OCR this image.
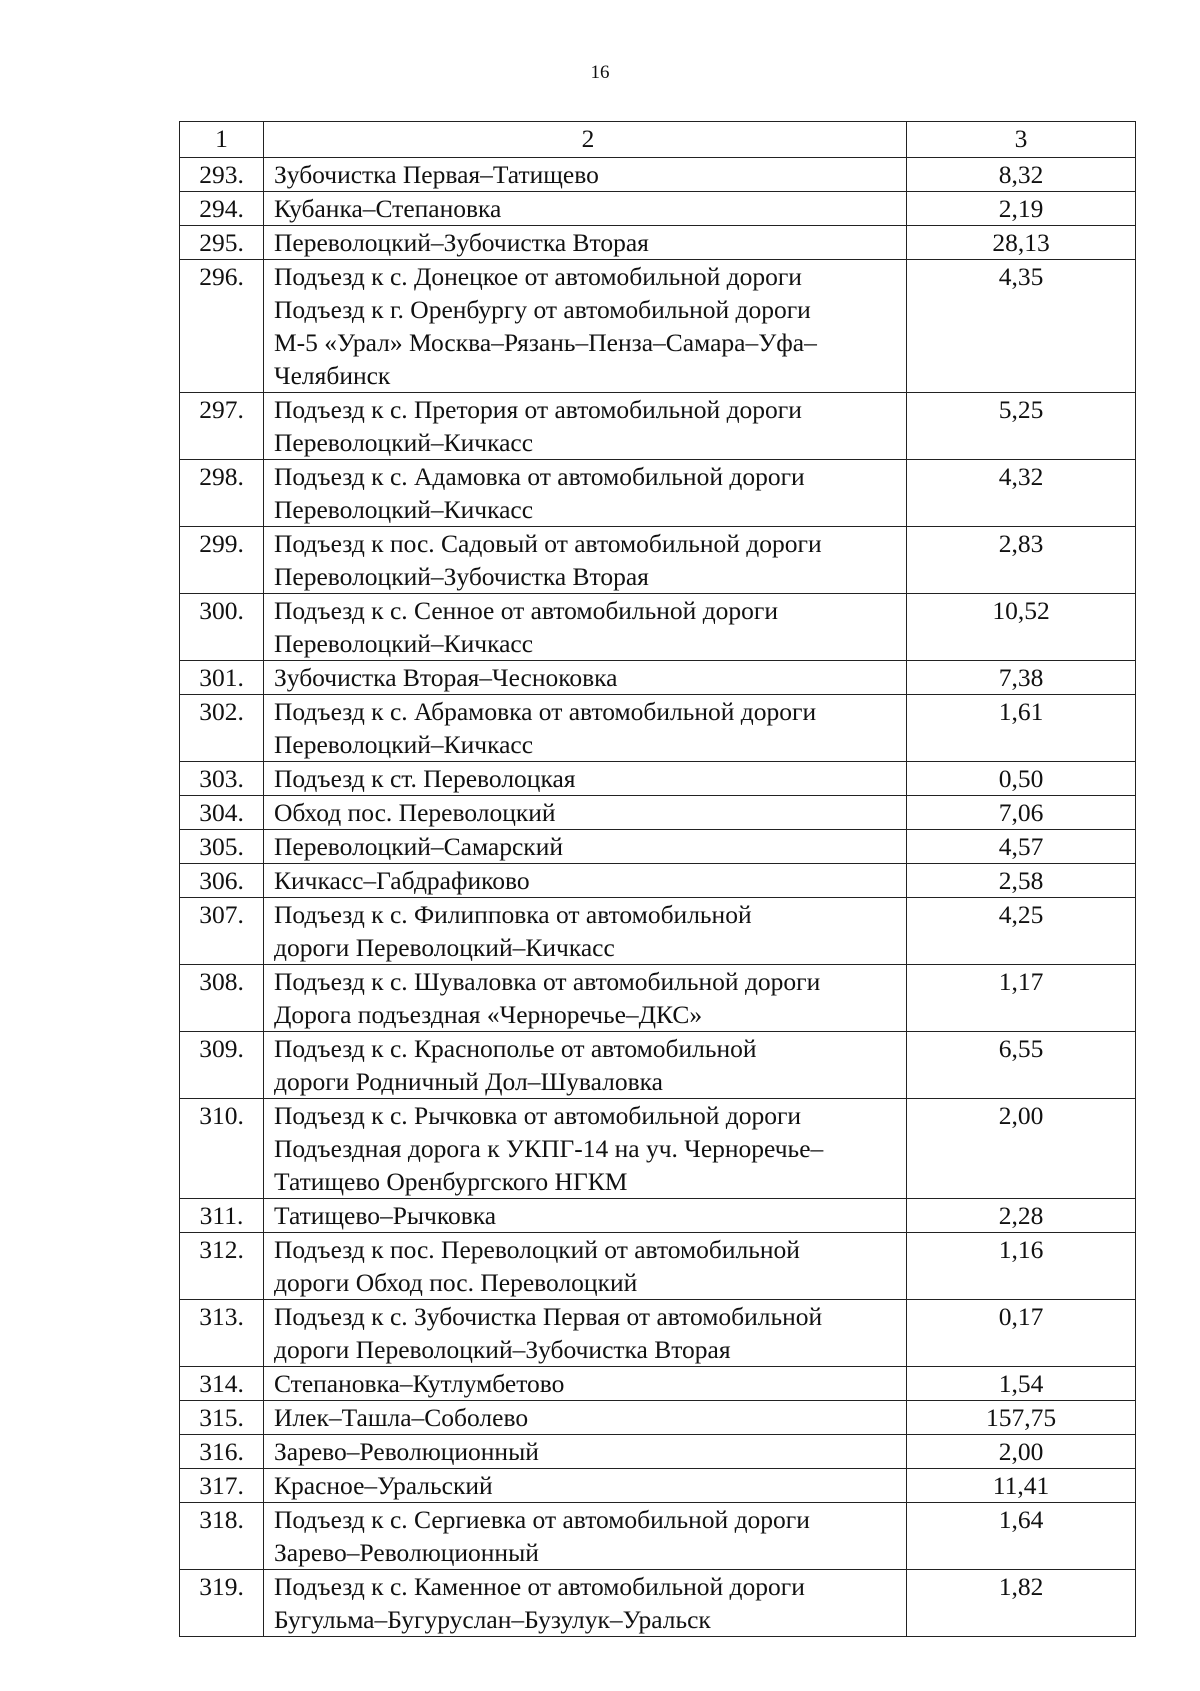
16
1	2	3
293.	Зубочистка Первая–Татищево	8,32
294.	Кубанка–Степановка	2,19
295.	Переволоцкий–Зубочистка Вторая	28,13
296.	Подъезд к с. Донецкое от автомобильной дороги
Подъезд к г. Оренбургу от автомобильной дороги
М-5 «Урал» Москва–Рязань–Пенза–Самара–Уфа–
Челябинск	4,35
297.	Подъезд к с. Претория от автомобильной дороги
Переволоцкий–Кичкасс	5,25
298.	Подъезд к с. Адамовка от автомобильной дороги
Переволоцкий–Кичкасс	4,32
299.	Подъезд к пос. Садовый от автомобильной дороги
Переволоцкий–Зубочистка Вторая	2,83
300.	Подъезд к с. Сенное от автомобильной дороги
Переволоцкий–Кичкасс	10,52
301.	Зубочистка Вторая–Чесноковка	7,38
302.	Подъезд к с. Абрамовка от автомобильной дороги
Переволоцкий–Кичкасс	1,61
303.	Подъезд к ст. Переволоцкая	0,50
304.	Обход пос. Переволоцкий	7,06
305.	Переволоцкий–Самарский	4,57
306.	Кичкасс–Габдрафиково	2,58
307.	Подъезд к с. Филипповка от автомобильной
дороги Переволоцкий–Кичкасс	4,25
308.	Подъезд к с. Шуваловка от автомобильной дороги
Дорога подъездная «Черноречье–ДКС»	1,17
309.	Подъезд к с. Краснополье от автомобильной
дороги Родничный Дол–Шуваловка	6,55
310.	Подъезд к с. Рычковка от автомобильной дороги
Подъездная дорога к УКПГ-14 на уч. Черноречье–
Татищево Оренбургского НГКМ	2,00
311.	Татищево–Рычковка	2,28
312.	Подъезд к пос. Переволоцкий от автомобильной
дороги Обход пос. Переволоцкий	1,16
313.	Подъезд к с. Зубочистка Первая от автомобильной
дороги Переволоцкий–Зубочистка Вторая	0,17
314.	Степановка–Кутлумбетово	1,54
315.	Илек–Ташла–Соболево	157,75
316.	Зарево–Революционный	2,00
317.	Красное–Уральский	11,41
318.	Подъезд к с. Сергиевка от автомобильной дороги
Зарево–Революционный	1,64
319.	Подъезд к с. Каменное от автомобильной дороги
Бугульма–Бугуруслан–Бузулук–Уральск	1,82
